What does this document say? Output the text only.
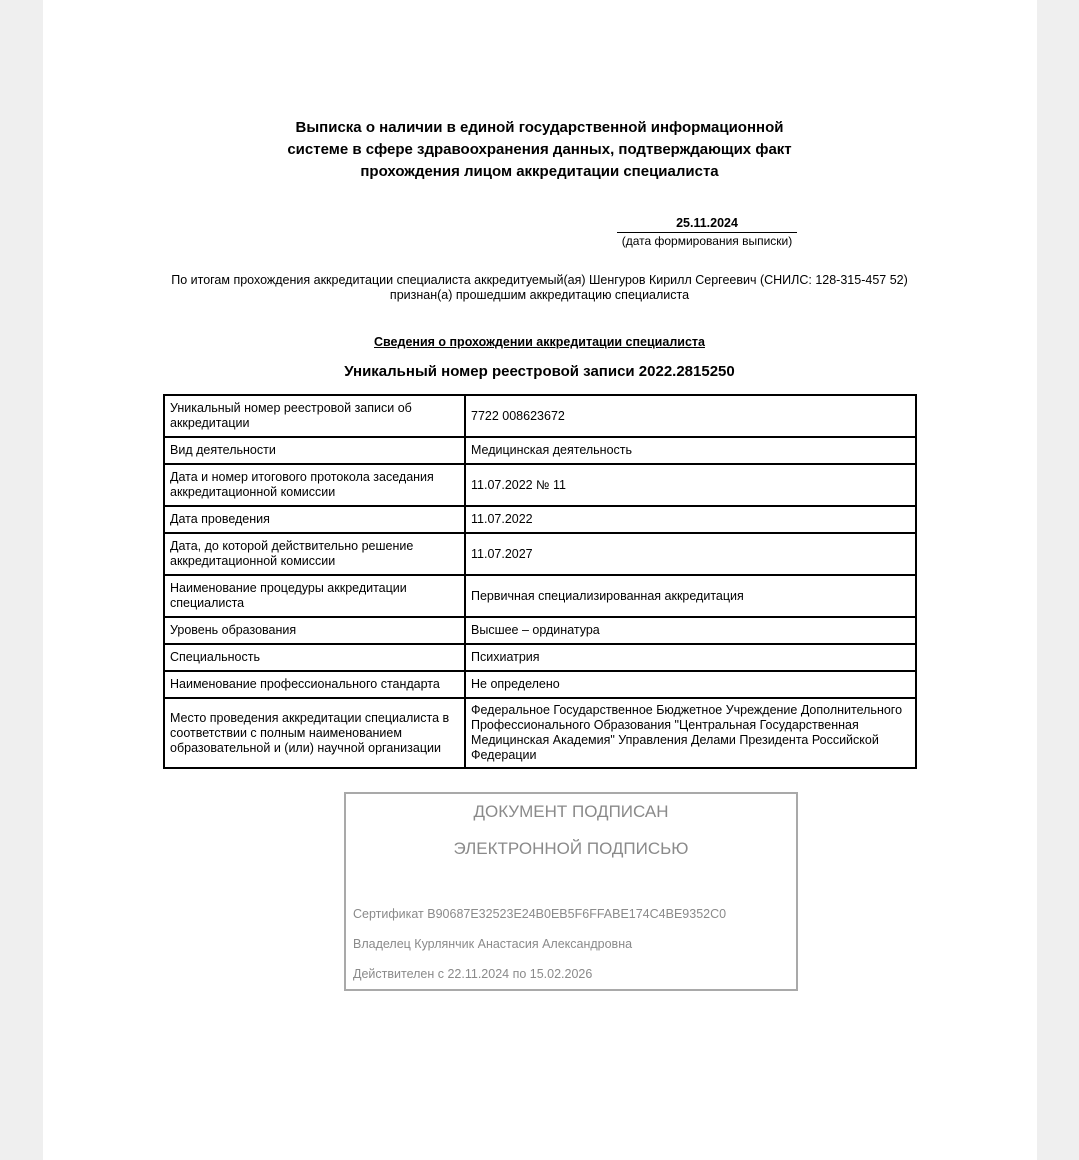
Выписка о наличии в единой государственной информационной
системе в сфере здравоохранения данных, подтверждающих факт
прохождения лицом аккредитации специалиста
25.11.2024
(дата формирования выписки)
По итогам прохождения аккредитации специалиста аккредитуемый(ая) Шенгуров Кирилл Сергеевич (СНИЛС: 128-315-457 52)
признан(а) прошедшим аккредитацию специалиста
Сведения о прохождении аккредитации специалиста
Уникальный номер реестровой записи 2022.2815250
Уникальный номер реестровой записи об аккредитации	7722 008623672
Вид деятельности	Медицинская деятельность
Дата и номер итогового протокола заседания аккредитационной комиссии	11.07.2022 № 11
Дата проведения	11.07.2022
Дата, до которой действительно решение аккредитационной комиссии	11.07.2027
Наименование процедуры аккредитации специалиста	Первичная специализированная аккредитация
Уровень образования	Высшее – ординатура
Специальность	Психиатрия
Наименование профессионального стандарта	Не определено
Место проведения аккредитации специалиста в соответствии с полным наименованием образовательной и (или) научной организации	Федеральное Государственное Бюджетное Учреждение Дополнительного Профессионального Образования "Центральная Государственная Медицинская Академия" Управления Делами Президента Российской Федерации
ДОКУМЕНТ ПОДПИСАН
ЭЛЕКТРОННОЙ ПОДПИСЬЮ
Сертификат B90687E32523E24B0EB5F6FFABE174C4BE9352C0
Владелец Курлянчик Анастасия Александровна
Действителен с 22.11.2024 по 15.02.2026
